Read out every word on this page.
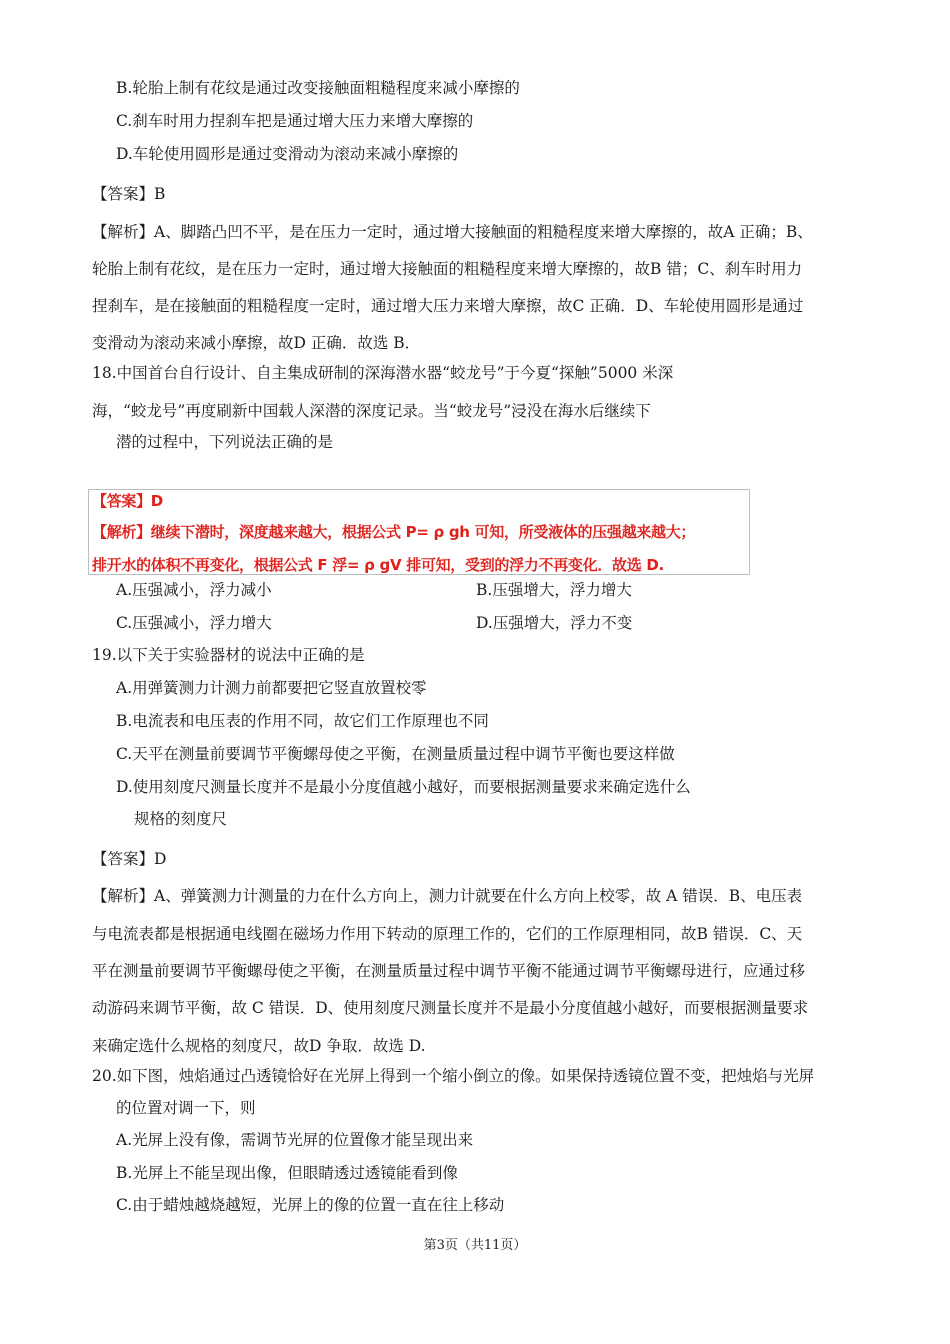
B.轮胎上制有花纹是通过改变接触面粗糙程度来减小摩擦的
C.刹车时用力捏刹车把是通过增大压力来增大摩擦的
D.车轮使用圆形是通过变滑动为滚动来减小摩擦的
【答案】B
【解析】A、脚踏凸凹不平，是在压力一定时，通过增大接触面的粗糙程度来增大摩擦的，故A 正确；B、
轮胎上制有花纹，是在压力一定时，通过增大接触面的粗糙程度来增大摩擦的，故B 错；C、刹车时用力
捏刹车，是在接触面的粗糙程度一定时，通过增大压力来增大摩擦，故C 正确．D、车轮使用圆形是通过
变滑动为滚动来减小摩擦，故D 正确．故选 B．
18.中国首台自行设计、自主集成研制的深海潜水器“蛟龙号”于今夏“探触”5000 米深
海，“蛟龙号”再度刷新中国载人深潜的深度记录。当“蛟龙号”浸没在海水后继续下
潜的过程中，下列说法正确的是
【答案】D
【解析】继续下潜时，深度越来越大，根据公式 P= ρ gh 可知，所受液体的压强越来越大；
排开水的体积不再变化，根据公式 F 浮= ρ gV 排可知，受到的浮力不再变化．故选 D.
A.压强减小，浮力减小	B.压强增大，浮力增大
C.压强减小，浮力增大	D.压强增大，浮力不变
19.以下关于实验器材的说法中正确的是
A.用弹簧测力计测力前都要把它竖直放置校零
B.电流表和电压表的作用不同，故它们工作原理也不同
C.天平在测量前要调节平衡螺母使之平衡，在测量质量过程中调节平衡也要这样做
D.使用刻度尺测量长度并不是最小分度值越小越好，而要根据测量要求来确定选什么
规格的刻度尺
【答案】D
【解析】A、弹簧测力计测量的力在什么方向上，测力计就要在什么方向上校零，故 A 错误．B、电压表
与电流表都是根据通电线圈在磁场力作用下转动的原理工作的，它们的工作原理相同，故B 错误．C、天
平在测量前要调节平衡螺母使之平衡，在测量质量过程中调节平衡不能通过调节平衡螺母进行，应通过移
动游码来调节平衡，故 C 错误．D、使用刻度尺测量长度并不是最小分度值越小越好，而要根据测量要求
来确定选什么规格的刻度尺，故D 争取．故选 D.
20.如下图，烛焰通过凸透镜恰好在光屏上得到一个缩小倒立的像。如果保持透镜位置不变，把烛焰与光屏
的位置对调一下，则
A.光屏上没有像，需调节光屏的位置像才能呈现出来
B.光屏上不能呈现出像，但眼睛透过透镜能看到像
C.由于蜡烛越烧越短，光屏上的像的位置一直在往上移动
第3页（共11页）
